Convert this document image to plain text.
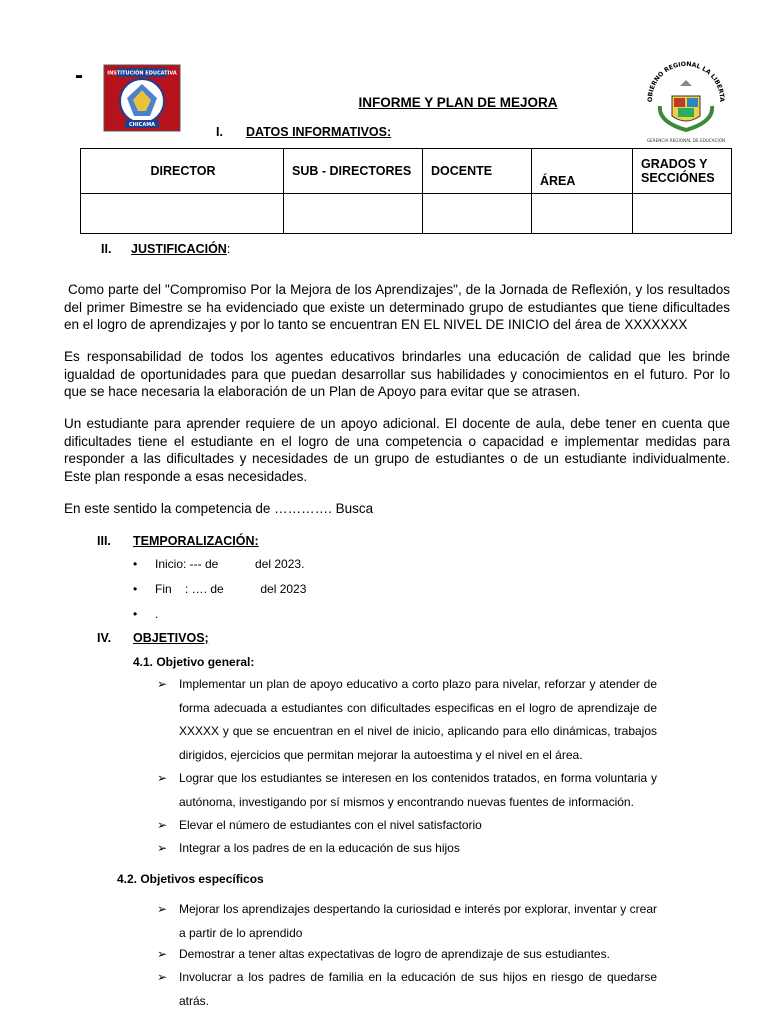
-	INSTITUCIÓN EDUCATIVA
CHICAMA
OBIERNO REGIONAL LA LIBERTA
GERENCIA REGIONAL DE EDUCACIÓN
INFORME Y PLAN DE MEJORA
I. DATOS INFORMATIVOS:
DIRECTOR	SUB - DIRECTORES	DOCENTE	ÁREA	GRADOS Y SECCIÓNES

II. JUSTIFICACIÓN:
Como parte del "Compromiso Por la Mejora de los Aprendizajes", de la Jornada de Reflexión, y los resultados del primer Bimestre se ha evidenciado que existe un determinado grupo de estudiantes que tiene dificultades en el logro de aprendizajes y por lo tanto se encuentran EN EL NIVEL DE INICIO del área de XXXXXXX
Es responsabilidad de todos los agentes educativos brindarles una educación de calidad que les brinde igualdad de oportunidades para que puedan desarrollar sus habilidades y conocimientos en el futuro. Por lo que se hace necesaria la elaboración de un Plan de Apoyo para evitar que se atrasen.
Un estudiante para aprender requiere de un apoyo adicional. El docente de aula, debe tener en cuenta que dificultades tiene el estudiante en el logro de una competencia o capacidad e implementar medidas para responder a las dificultades y necesidades de un grupo de estudiantes o de un estudiante individualmente. Este plan responde a esas necesidades.
En este sentido la competencia de …………. Busca
III. TEMPORALIZACIÓN:
• Inicio: --- de           del 2023.
• Fin    : …. de           del 2023
• .
IV. OBJETIVOS;
4.1. Objetivo general:
➢ Implementar un plan de apoyo educativo a corto plazo para nivelar, reforzar y atender de forma adecuada a estudiantes con dificultades especificas en el logro de aprendizaje de XXXXX y que se encuentran en el nivel de inicio, aplicando para ello dinámicas, trabajos dirigidos, ejercicios que permitan mejorar la autoestima y el nivel en el área.
➢ Lograr que los estudiantes se interesen en los contenidos tratados, en forma voluntaria y autónoma, investigando por sí mismos y encontrando nuevas fuentes de información.
➢ Elevar el número de estudiantes con el nivel satisfactorio
➢ Integrar a los padres de en la educación de sus hijos
4.2. Objetivos específicos
➢ Mejorar los aprendizajes despertando la curiosidad e interés por explorar, inventar y crear a partir de lo aprendido
➢ Demostrar a tener altas expectativas de logro de aprendizaje de sus estudiantes.
➢ Involucrar a los padres de familia en la educación de sus hijos en riesgo de quedarse atrás.
